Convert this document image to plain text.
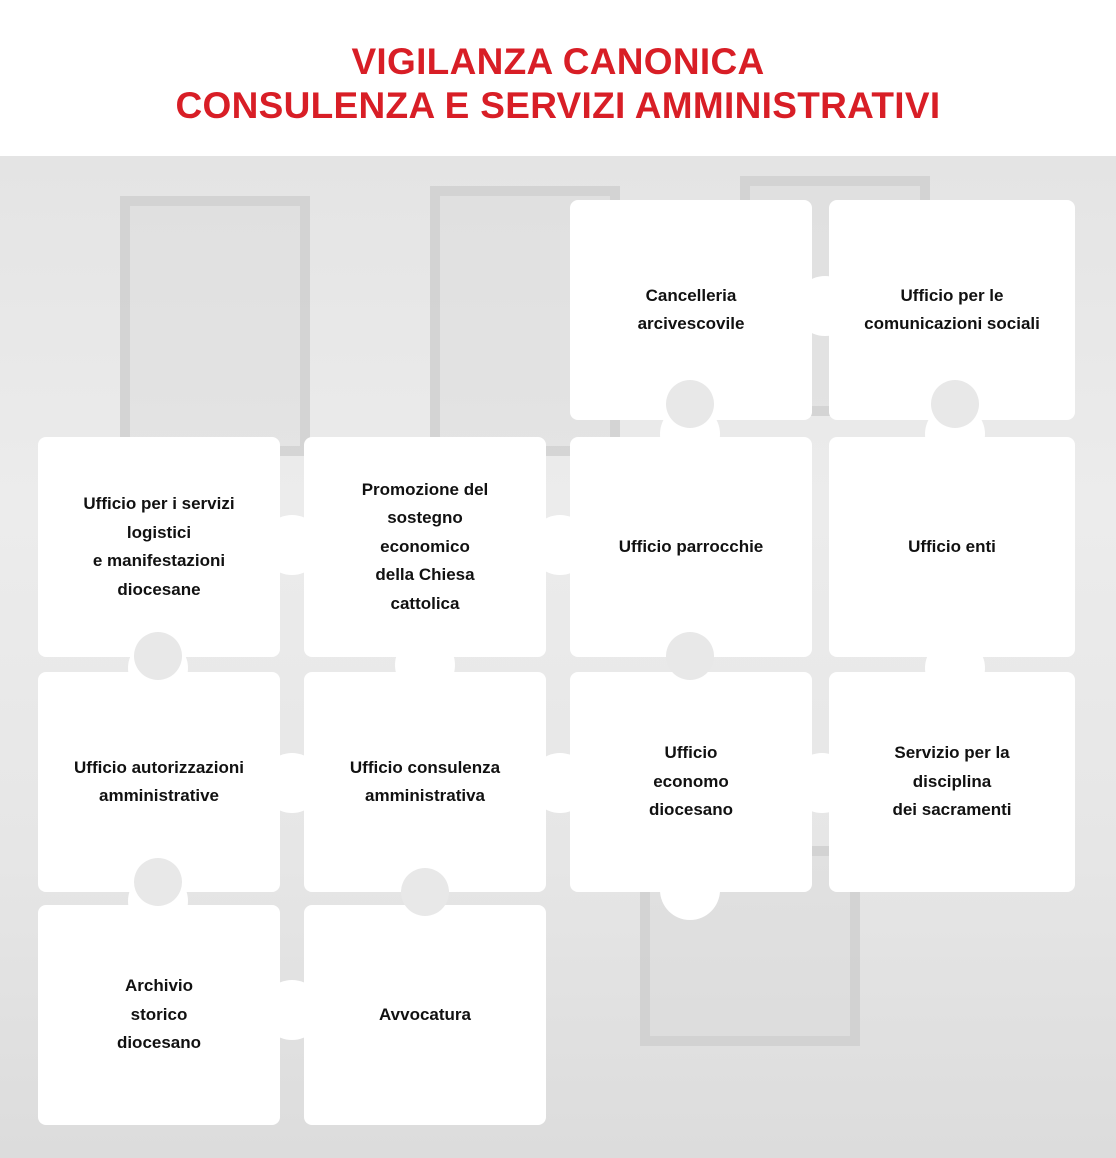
VIGILANZA CANONICA
CONSULENZA E SERVIZI AMMINISTRATIVI
Cancelleria
arcivescovile
Ufficio per le
comunicazioni sociali
Ufficio per i servizi
logistici
e manifestazioni
diocesane
Promozione del
sostegno
economico
della Chiesa
cattolica
Ufficio parrocchie	Ufficio enti
Ufficio autorizzazioni
amministrative
Ufficio consulenza
amministrativa
Ufficio
economo
diocesano
Servizio per la
disciplina
dei sacramenti
Archivio
storico
diocesano
Avvocatura
